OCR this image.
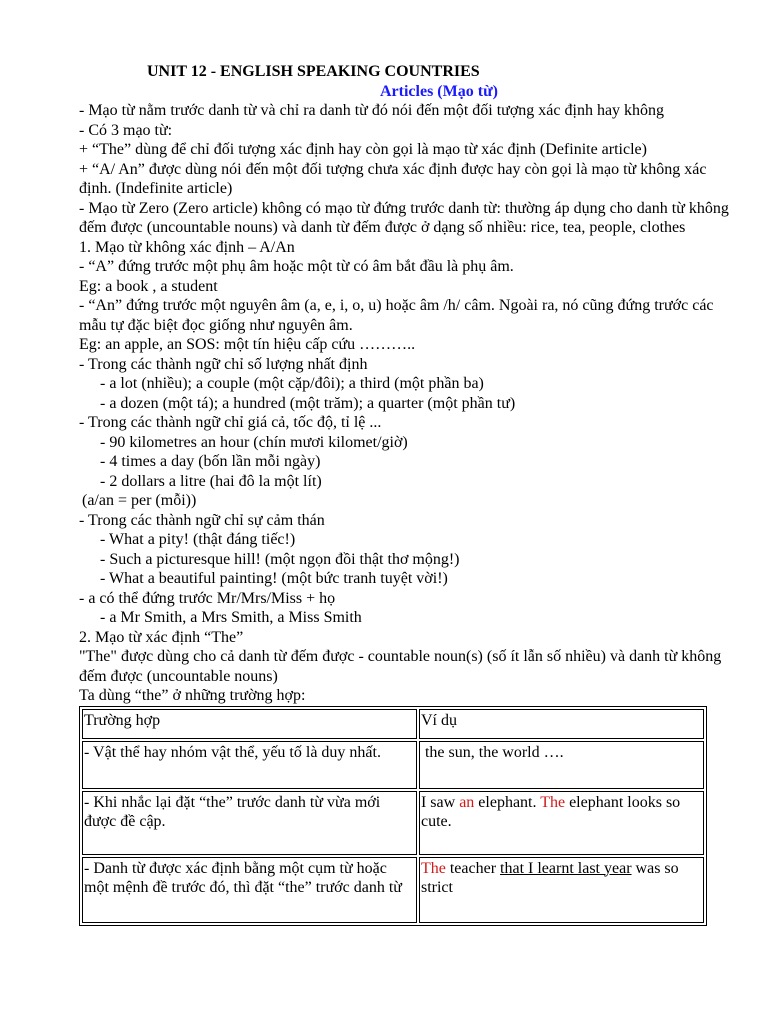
UNIT 12 - ENGLISH SPEAKING COUNTRIES
Articles (Mạo từ)
- Mạo từ nằm trước danh từ và chỉ ra danh từ đó nói đến một đối tượng xác định hay không
- Có 3 mạo từ:
+ “The” dùng để chỉ đối tượng xác định hay còn gọi là mạo từ xác định (Definite article)
+ “A/ An” được dùng nói đến một đối tượng chưa xác định được hay còn gọi là mạo từ không xác định. (Indefinite article)
- Mạo từ Zero (Zero article) không có mạo từ đứng trước danh từ: thường áp dụng cho danh từ không đếm được (uncountable nouns) và danh từ đếm được ở dạng số nhiều: rice, tea, people, clothes
1. Mạo từ không xác định – A/An
- “A” đứng trước một phụ âm hoặc một từ có âm bắt đầu là phụ âm.
Eg: a book , a student
- “An” đứng trước một nguyên âm (a, e, i, o, u) hoặc âm /h/ câm. Ngoài ra, nó cũng đứng trước các mẫu tự đặc biệt đọc giống như nguyên âm.
Eg: an apple, an SOS: một tín hiệu cấp cứu ………..
- Trong các thành ngữ chỉ số lượng nhất định
- a lot (nhiều); a couple (một cặp/đôi); a third (một phần ba)
- a dozen (một tá); a hundred (một trăm); a quarter (một phần tư)
- Trong các thành ngữ chỉ giá cả, tốc độ, tỉ lệ ...
- 90 kilometres an hour (chín mươi kilomet/giờ)
- 4 times a day (bốn lần mỗi ngày)
- 2 dollars a litre (hai đô la một lít)
(a/an = per (mỗi))
- Trong các thành ngữ chỉ sự cảm thán
- What a pity! (thật đáng tiếc!)
- Such a picturesque hill! (một ngọn đồi thật thơ mộng!)
- What a beautiful painting! (một bức tranh tuyệt vời!)
- a có thể đứng trước Mr/Mrs/Miss + họ
- a Mr Smith, a Mrs Smith, a Miss Smith
2. Mạo từ xác định “The”
"The" được dùng cho cả danh từ đếm được - countable noun(s) (số ít lẫn số nhiều) và danh từ không đếm được (uncountable nouns)
Ta dùng “the” ở những trường hợp:
Trường hợp	Ví dụ
- Vật thể hay nhóm vật thể, yếu tố là duy nhất.	the sun, the world ….
- Khi nhắc lại đặt “the” trước danh từ vừa mới được đề cập.	I saw an elephant. The elephant looks so cute.
- Danh từ được xác định bằng một cụm từ hoặc một mệnh đề trước đó, thì đặt “the” trước danh từ	The teacher that I learnt last year was so strict
